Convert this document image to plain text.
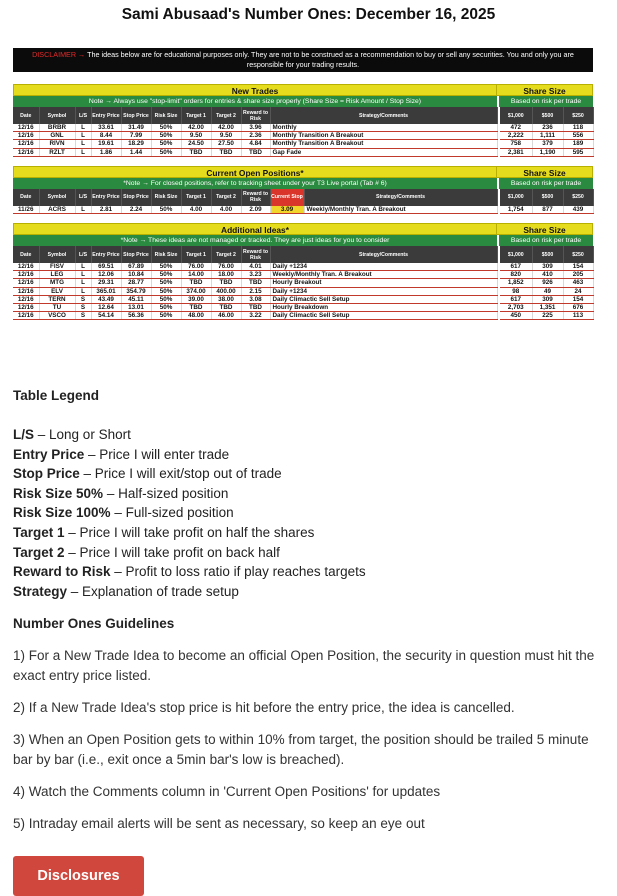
Sami Abusaad's Number Ones: December 16, 2025
DISCLAIMER → The ideas below are for educational purposes only. They are not to be construed as a recommendation to buy or sell any securities. You and only you are responsible for your trading results.
New Trades	Share Size
Note → Always use "stop-limit" orders for entries & share size properly (Share Size = Risk Amount / Stop Size)	Based on risk per trade
Date	Symbol	L/S	Entry Price	Stop Price	Risk Size	Target 1	Target 2	Reward to Risk	Strategy/Comments		$1,000	$500	$250
12/16	BRBR	L	33.61	31.49	50%	42.00	42.00	3.96	Monthly		472	236	118
12/16	GNL	L	8.44	7.99	50%	9.50	9.50	2.36	Monthly Transition A Breakout		2,222	1,111	556
12/16	RIVN	L	19.61	18.29	50%	24.50	27.50	4.84	Monthly Transition A Breakout		758	379	189
12/16	RZLT	L	1.86	1.44	50%	TBD	TBD	TBD	Gap Fade		2,381	1,190	595
Current Open Positions*	Share Size
*Note → For closed positions, refer to tracking sheet under your T3 Live portal (Tab # 6)	Based on risk per trade
Date	Symbol	L/S	Entry Price	Stop Price	Risk Size	Target 1	Target 2	Reward to Risk	Current Stop	Strategy/Comments		$1,000	$500	$250
11/26	ACRS	L	2.81	2.24	50%	4.00	4.00	2.09	3.09	Weekly/Monthly Tran. A Breakout		1,754	877	439
Additional Ideas*	Share Size
*Note → These ideas are not managed or tracked. They are just ideas for you to consider	Based on risk per trade
Date	Symbol	L/S	Entry Price	Stop Price	Risk Size	Target 1	Target 2	Reward to Risk	Strategy/Comments		$1,000	$500	$250
12/16	FISV	L	69.51	67.89	50%	76.00	76.00	4.01	Daily +1234		617	309	154
12/16	LEG	L	12.06	10.84	50%	14.00	18.00	3.23	Weekly/Monthly Tran. A Breakout		820	410	205
12/16	MTG	L	29.31	28.77	50%	TBD	TBD	TBD	Hourly Breakout		1,852	926	463
12/16	ELV	L	365.01	354.79	50%	374.00	400.00	2.15	Daily +1234		98	49	24
12/16	TERN	S	43.49	45.11	50%	39.00	38.00	3.08	Daily Climactic Sell Setup		617	309	154
12/16	TU	S	12.64	13.01	50%	TBD	TBD	TBD	Hourly Breakdown		2,703	1,351	676
12/16	VSCO	S	54.14	56.36	50%	48.00	46.00	3.22	Daily Climactic Sell Setup		450	225	113
Table Legend
L/S – Long or Short
Entry Price – Price I will enter trade
Stop Price – Price I will exit/stop out of trade
Risk Size 50% – Half-sized position
Risk Size 100% – Full-sized position
Target 1 – Price I will take profit on half the shares
Target 2 – Price I will take profit on back half
Reward to Risk – Profit to loss ratio if play reaches targets
Strategy – Explanation of trade setup
Number Ones Guidelines

1) For a New Trade Idea to become an official Open Position, the security in question must hit the exact entry price listed.

2) If a New Trade Idea's stop price is hit before the entry price, the idea is cancelled.

3) When an Open Position gets to within 10% from target, the position should be trailed 5 minute bar by bar (i.e., exit once a 5min bar's low is breached).

4) Watch the Comments column in 'Current Open Positions' for updates

5) Intraday email alerts will be sent as necessary, so keep an eye out

Disclosures
